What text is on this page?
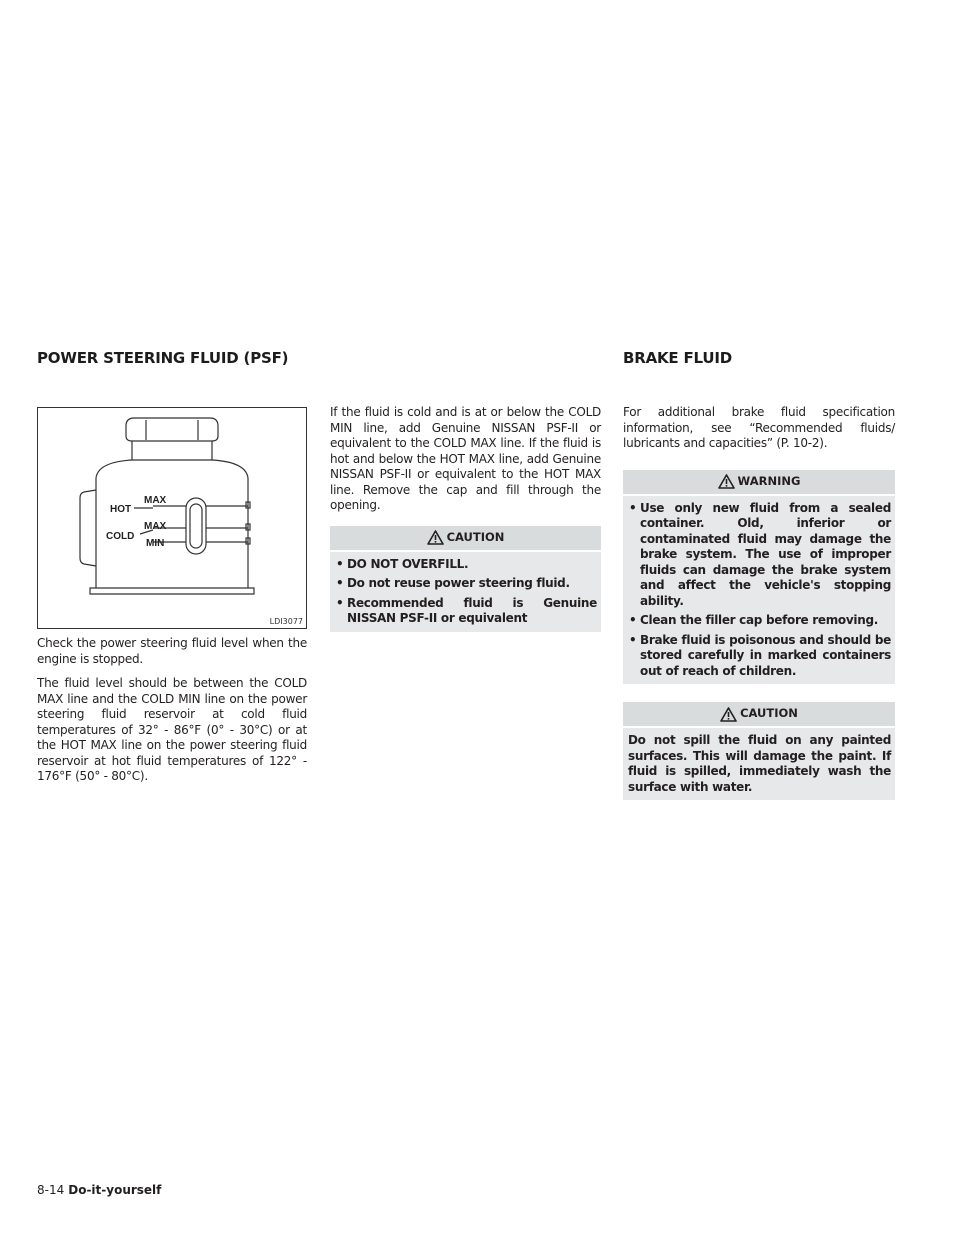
POWER STEERING FLUID (PSF)	BRAKE FLUID
HOT
MAX
COLD
MAX
MIN
LDI3077

Check the power steering fluid level when the engine is stopped.

The fluid level should be between the COLD MAX line and the COLD MIN line on the power steering fluid reservoir at cold fluid temperatures of 32° - 86°F (0° - 30°C) or at the HOT MAX line on the power steering fluid reservoir at hot fluid temperatures of 122° - 176°F (50° - 80°C).

If the fluid is cold and is at or below the COLD MIN line, add Genuine NISSAN PSF-II or equivalent to the COLD MAX line. If the fluid is hot and below the HOT MAX line, add Genuine NISSAN PSF-II or equivalent to the HOT MAX line. Remove the cap and fill through the opening.

CAUTION
• DO NOT OVERFILL.
• Do not reuse power steering fluid.
• Recommended fluid is Genuine NISSAN PSF-II or equivalent

For additional brake fluid specification information, see “Recommended fluids/ lubricants and capacities” (P. 10-2).

WARNING
• Use only new fluid from a sealed container. Old, inferior or contaminated fluid may damage the brake system. The use of improper fluids can damage the brake system and affect the vehicle's stopping ability.
• Clean the filler cap before removing.
• Brake fluid is poisonous and should be stored carefully in marked containers out of reach of children.
CAUTION

Do not spill the fluid on any painted surfaces. This will damage the paint. If fluid is spilled, immediately wash the surface with water.

8-14 Do-it-yourself
